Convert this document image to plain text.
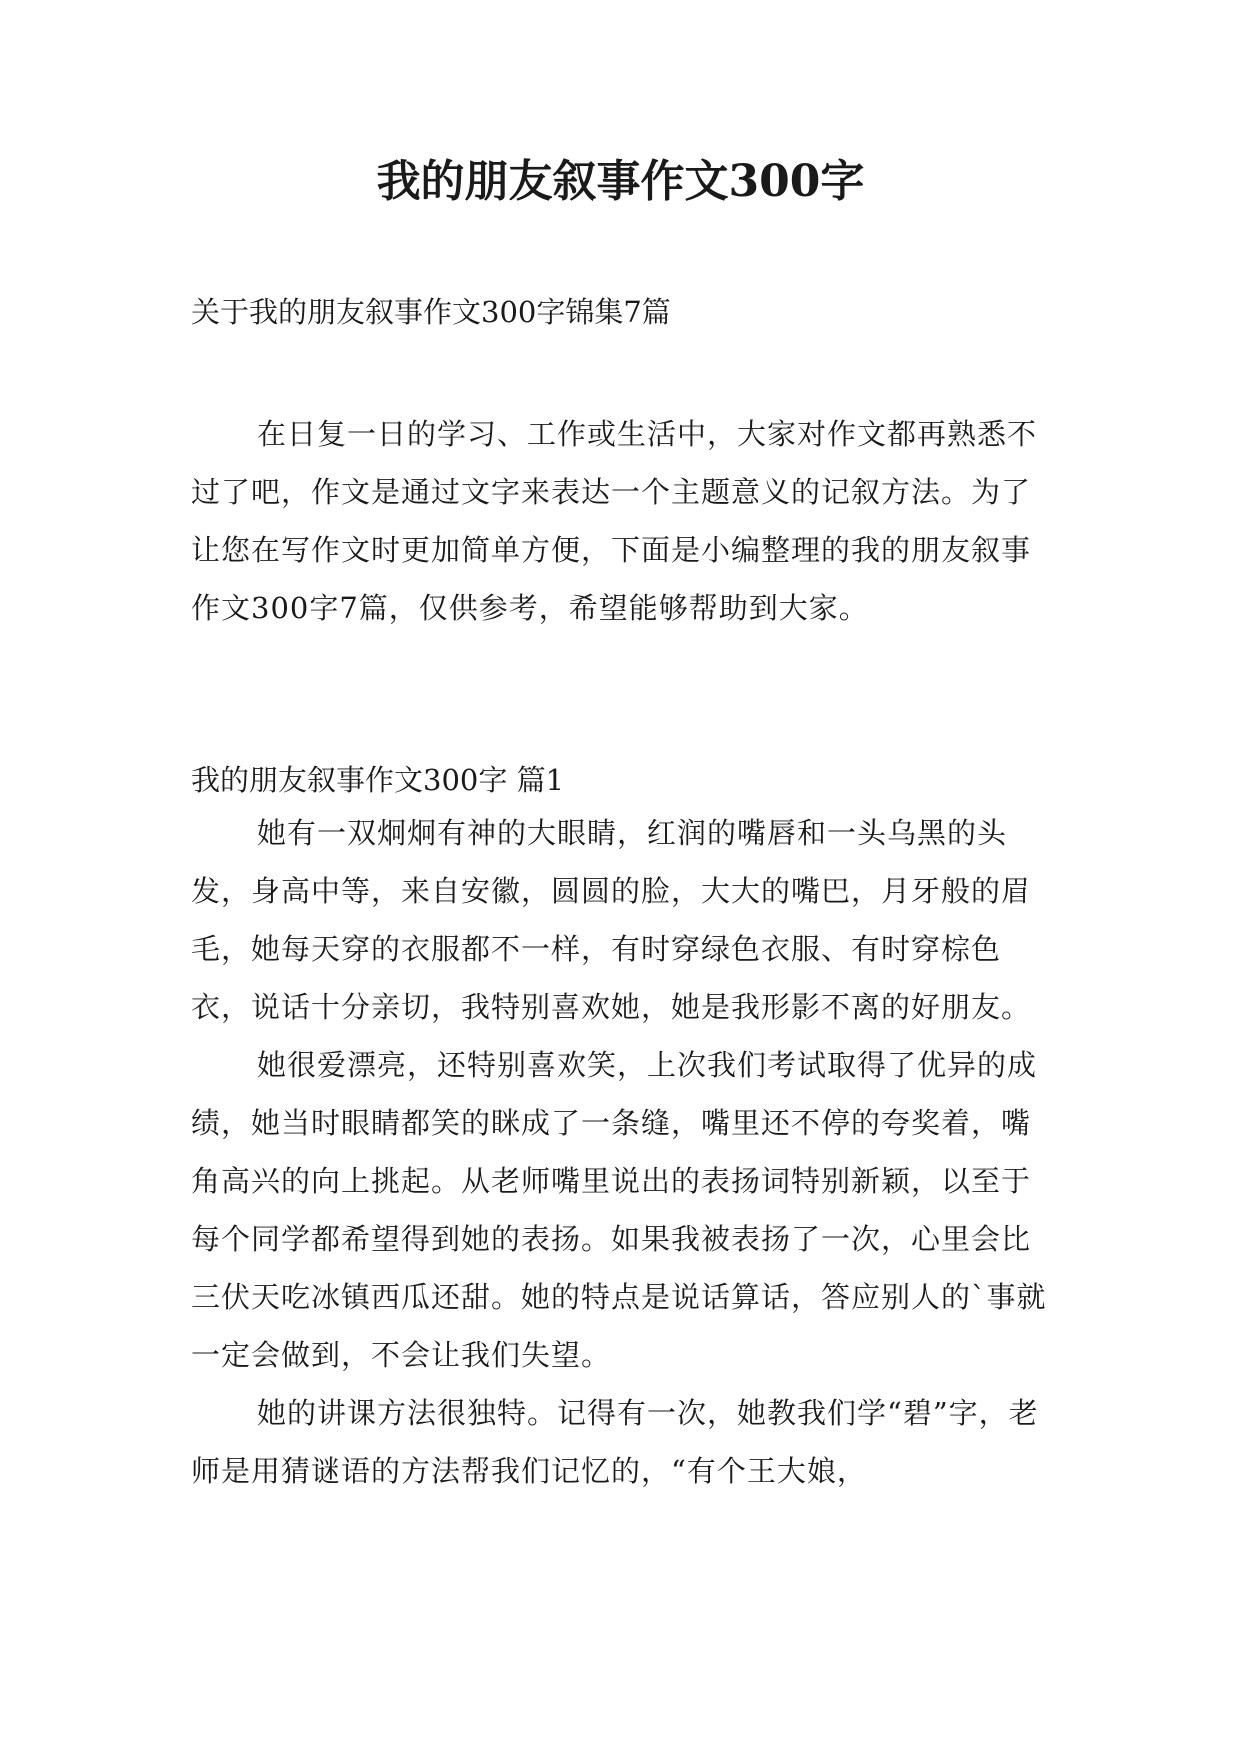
我的朋友叙事作文300字
关于我的朋友叙事作文300字锦集7篇

在日复一日的学习、工作或生活中，大家对作文都再熟悉不过了吧，作文是通过文字来表达一个主题意义的记叙方法。为了让您在写作文时更加简单方便，下面是小编整理的我的朋友叙事作文300字7篇，仅供参考，希望能够帮助到大家。

我的朋友叙事作文300字 篇1

她有一双炯炯有神的大眼睛，红润的嘴唇和一头乌黑的头发，身高中等，来自安徽，圆圆的脸，大大的嘴巴，月牙般的眉毛，她每天穿的衣服都不一样，有时穿绿色衣服、有时穿棕色衣，说话十分亲切，我特别喜欢她，她是我形影不离的好朋友。

她很爱漂亮，还特别喜欢笑，上次我们考试取得了优异的成绩，她当时眼睛都笑的眯成了一条缝，嘴里还不停的夸奖着，嘴角高兴的向上挑起。从老师嘴里说出的表扬词特别新颖，以至于每个同学都希望得到她的表扬。如果我被表扬了一次，心里会比三伏天吃冰镇西瓜还甜。她的特点是说话算话，答应别人的`事就一定会做到，不会让我们失望。

她的讲课方法很独特。记得有一次，她教我们学“碧”字，老师是用猜谜语的方法帮我们记忆的，“有个王大娘，
